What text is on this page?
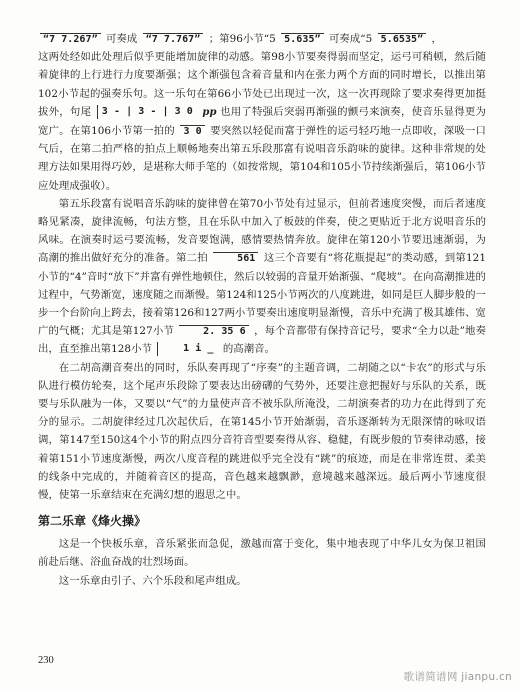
“7 7.267” 可奏成 “7 7.767” ；第96小节“5 5.635” 可奏成“5 5.6535” ，

这两处经如此处理后似乎更能增加旋律的动感。第98小节要奏得弱而坚定，运弓可稍顿，然后随着旋律的上行进行力度要渐强；这个渐强包含着音量和内在张力两个方面的同时增长，以推出第102小节起的强奏乐句。这一乐句在第66小节处已出现过一次，这一次再现除了要求奏得更加挺拔外，句尾 3 - | 3 - | 3 0 pp 也用了特强后突弱再渐强的颤弓来演奏，使音乐显得更为宽广。在第106小节第一拍的 3 0 要突然以轻促而富于弹性的运弓轻巧地一点即收，深吸一口气后，在第二拍严格的拍点上顺畅地奏出第五乐段那富有说唱音乐韵味的旋律。这种非常规的处理方法如果用得巧妙，是堪称大师手笔的（如按常规，第104和105小节持续渐强后，第106小节应处理成强收）。

第五乐段富有说唱音乐韵味的旋律曾在第70小节处有过显示，但前者速度突慢，而后者速度略见紧凑，旋律流畅，句法方整，且在乐队中加入了板鼓的伴奏，使之更贴近于北方说唱音乐的风味。在演奏时运弓要流畅，发音要饱满，感情要热情奔放。旋律在第120小节要迅速渐弱，为高潮的推出做好充分的准备。第二拍	561 这三个音要有“将花瓶提起”的类动感，到第121小节的“4”音时“放下”并富有弹性地顿住，然后以较弱的音量开始渐强、“爬坡”。在向高潮推进的过程中，气势渐宽，速度随之而渐慢。第124和125小节两次的八度跳进，如同是巨人脚步般的一步一个台阶向上跨去，接着第126和127两小节要奏出速度明显渐慢，音乐中充满了极其雄伟、宽广的气概；尤其是第127小节	2. 35 6 ，每个音都带有保持音记号，要求“全力以赴”地奏出，直至推出第128小节	1 i _ 的高潮音。

在二胡高潮音奏出的同时，乐队奏再现了“序奏”的主题音调，二胡随之以“卡农”的形式与乐队进行模仿轮奏，这个尾声乐段除了要表达出磅礴的气势外，还要注意把握好与乐队的关系，既要与乐队融为一体，又要以“气”的力量使声音不被乐队所淹没，二胡演奏者的功力在此得到了充分的显示。二胡旋律经过几次起伏后，在第145小节开始渐弱，音乐逐渐转为无限深情的咏叹语调，第147至150这4个小节的附点四分音符音型要奏得从容、稳健，有既步般的节奏律动感，接着第151小节速度渐慢，两次八度音程的跳进似乎完全没有“跳”的痕迹，而是在非常连贯、柔美的线条中完成的，并随着音区的提高，音色越来越飘渺，意境越来越深远。最后两小节速度很慢，使第一乐章结束在充满幻想的遐思之中。

第二乐章《烽火操》

这是一个快板乐章，音乐紧张而急促，激越而富于变化，集中地表现了中华儿女为保卫祖国前赴后继、浴血奋战的壮烈场面。

这一乐章由引子、六个乐段和尾声组成。

230
歌谱简谱网 jianpu.cn
